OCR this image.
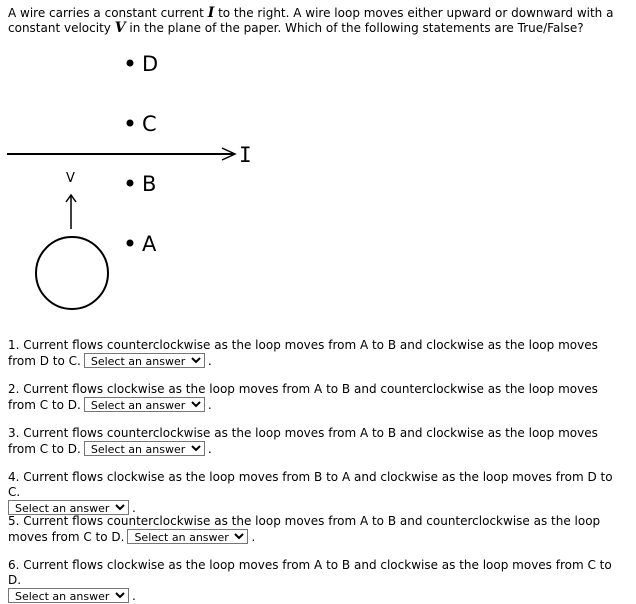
A wire carries a constant current I to the right. A wire loop moves either upward or downward with a constant velocity V in the plane of the paper. Which of the following statements are True/False?
D
C
B
A
I
V
1. Current flows counterclockwise as the loop moves from A to B and clockwise as the loop moves from D to C.
Select an answer	.
2. Current flows clockwise as the loop moves from A to B and counterclockwise as the loop moves from C to D.
Select an answer	.
3. Current flows counterclockwise as the loop moves from A to B and clockwise as the loop moves from C to D.
Select an answer	.
4. Current flows clockwise as the loop moves from B to A and clockwise as the loop moves from D to C.

Select an answer.
5. Current flows counterclockwise as the loop moves from A to B and counterclockwise as the loop moves from C to D.
Select an answer	.
6. Current flows clockwise as the loop moves from A to B and clockwise as the loop moves from C to D.

Select an answer.
